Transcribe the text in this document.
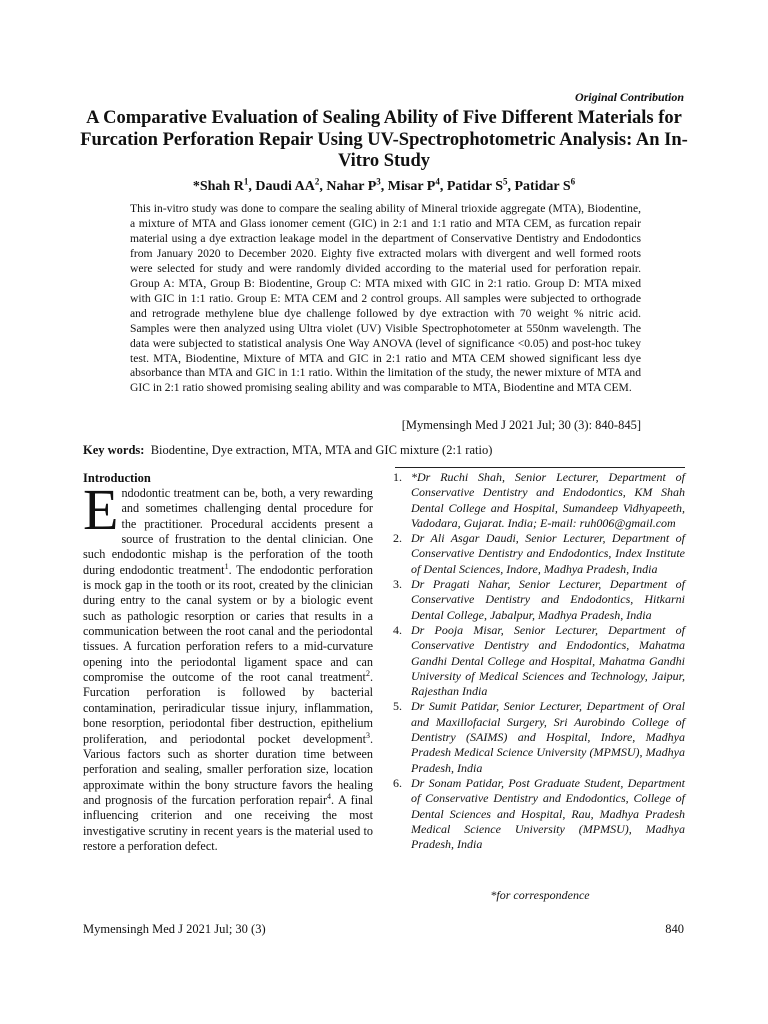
Original Contribution
A Comparative Evaluation of Sealing Ability of Five Different Materials for Furcation Perforation Repair Using UV-Spectrophotometric Analysis: An In-Vitro Study
*Shah $R^1$, Daudi $AA^2$, Nahar $P^3$, Misar $P^4$, Patidar $S^5$, Patidar $S^6$

This in-vitro study was done to compare the sealing ability of Mineral trioxide aggregate (MTA), Biodentine, a mixture of MTA and Glass ionomer cement (GIC) in 2:1 and 1:1 ratio and MTA CEM, as furcation repair material using a dye extraction leakage model in the department of Conservative Dentistry and Endodontics from January 2020 to December 2020. Eighty five extracted molars with divergent and well formed roots were selected for study and were randomly divided according to the material used for perforation repair. Group A: MTA, Group B: Biodentine, Group C: MTA mixed with GIC in 2:1 ratio. Group D: MTA mixed with GIC in 1:1 ratio. Group E: MTA CEM and 2 control groups. All samples were subjected to orthograde and retrograde methylene blue dye challenge followed by dye extraction with 70 weight % nitric acid. Samples were then analyzed using Ultra violet (UV) Visible Spectrophotometer at 550nm wavelength. The data were subjected to statistical analysis One Way ANOVA (level of significance <0.05) and post-hoc tukey test. MTA, Biodentine, Mixture of MTA and GIC in 2:1 ratio and MTA CEM showed significant less dye absorbance than MTA and GIC in 1:1 ratio. Within the limitation of the study, the newer mixture of MTA and GIC in 2:1 ratio showed promising sealing ability and was comparable to MTA, Biodentine and MTA CEM.

[Mymensingh Med J 2021 Jul; 30 (3): 840-845]
Key words: Biodentine, Dye extraction, MTA, MTA and GIC mixture (2:1 ratio)
Introduction

Endodontic treatment can be, both, a very rewarding and sometimes challenging dental procedure for the practitioner. Procedural accidents present a source of frustration to the dental clinician. One such endodontic mishap is the perforation of the tooth during endodontic treatment$^1$. The endodontic perforation is mock gap in the tooth or its root, created by the clinician during entry to the canal system or by a biologic event such as pathologic resorption or caries that results in a communication between the root canal and the periodontal tissues. A furcation perforation refers to a mid-curvature opening into the periodontal ligament space and can compromise the outcome of the root canal treatment$^2$. Furcation perforation is followed by bacterial contamination, periradicular tissue injury, inflammation, bone resorption, periodontal fiber destruction, epithelium proliferation, and periodontal pocket development$^3$. Various factors such as shorter duration time between perforation and sealing, smaller perforation size, location approximate within the bony structure favors the healing and prognosis of the furcation perforation repair$^4$. A final influencing criterion and one receiving the most investigative scrutiny in recent years is the material used to restore a perforation defect.

1. *Dr Ruchi Shah, Senior Lecturer, Department of Conservative Dentistry and Endodontics, KM Shah Dental College and Hospital, Sumandeep Vidhyapeeth, Vadodara, Gujarat. India; E-mail: ruh006@gmail.com
2. Dr Ali Asgar Daudi, Senior Lecturer, Department of Conservative Dentistry and Endodontics, Index Institute of Dental Sciences, Indore, Madhya Pradesh, India
3. Dr Pragati Nahar, Senior Lecturer, Department of Conservative Dentistry and Endodontics, Hitkarni Dental College, Jabalpur, Madhya Pradesh, India
4. Dr Pooja Misar, Senior Lecturer, Department of Conservative Dentistry and Endodontics, Mahatma Gandhi Dental College and Hospital, Mahatma Gandhi University of Medical Sciences and Technology, Jaipur, Rajesthan India
5. Dr Sumit Patidar, Senior Lecturer, Department of Oral and Maxillofacial Surgery, Sri Aurobindo College of Dentistry (SAIMS) and Hospital, Indore, Madhya Pradesh Medical Science University (MPMSU), Madhya Pradesh, India
6. Dr Sonam Patidar, Post Graduate Student, Department of Conservative Dentistry and Endodontics, College of Dental Sciences and Hospital, Rau, Madhya Pradesh Medical Science University (MPMSU), Madhya Pradesh, India
*for correspondence
Mymensingh Med J 2021 Jul; 30 (3)	840
